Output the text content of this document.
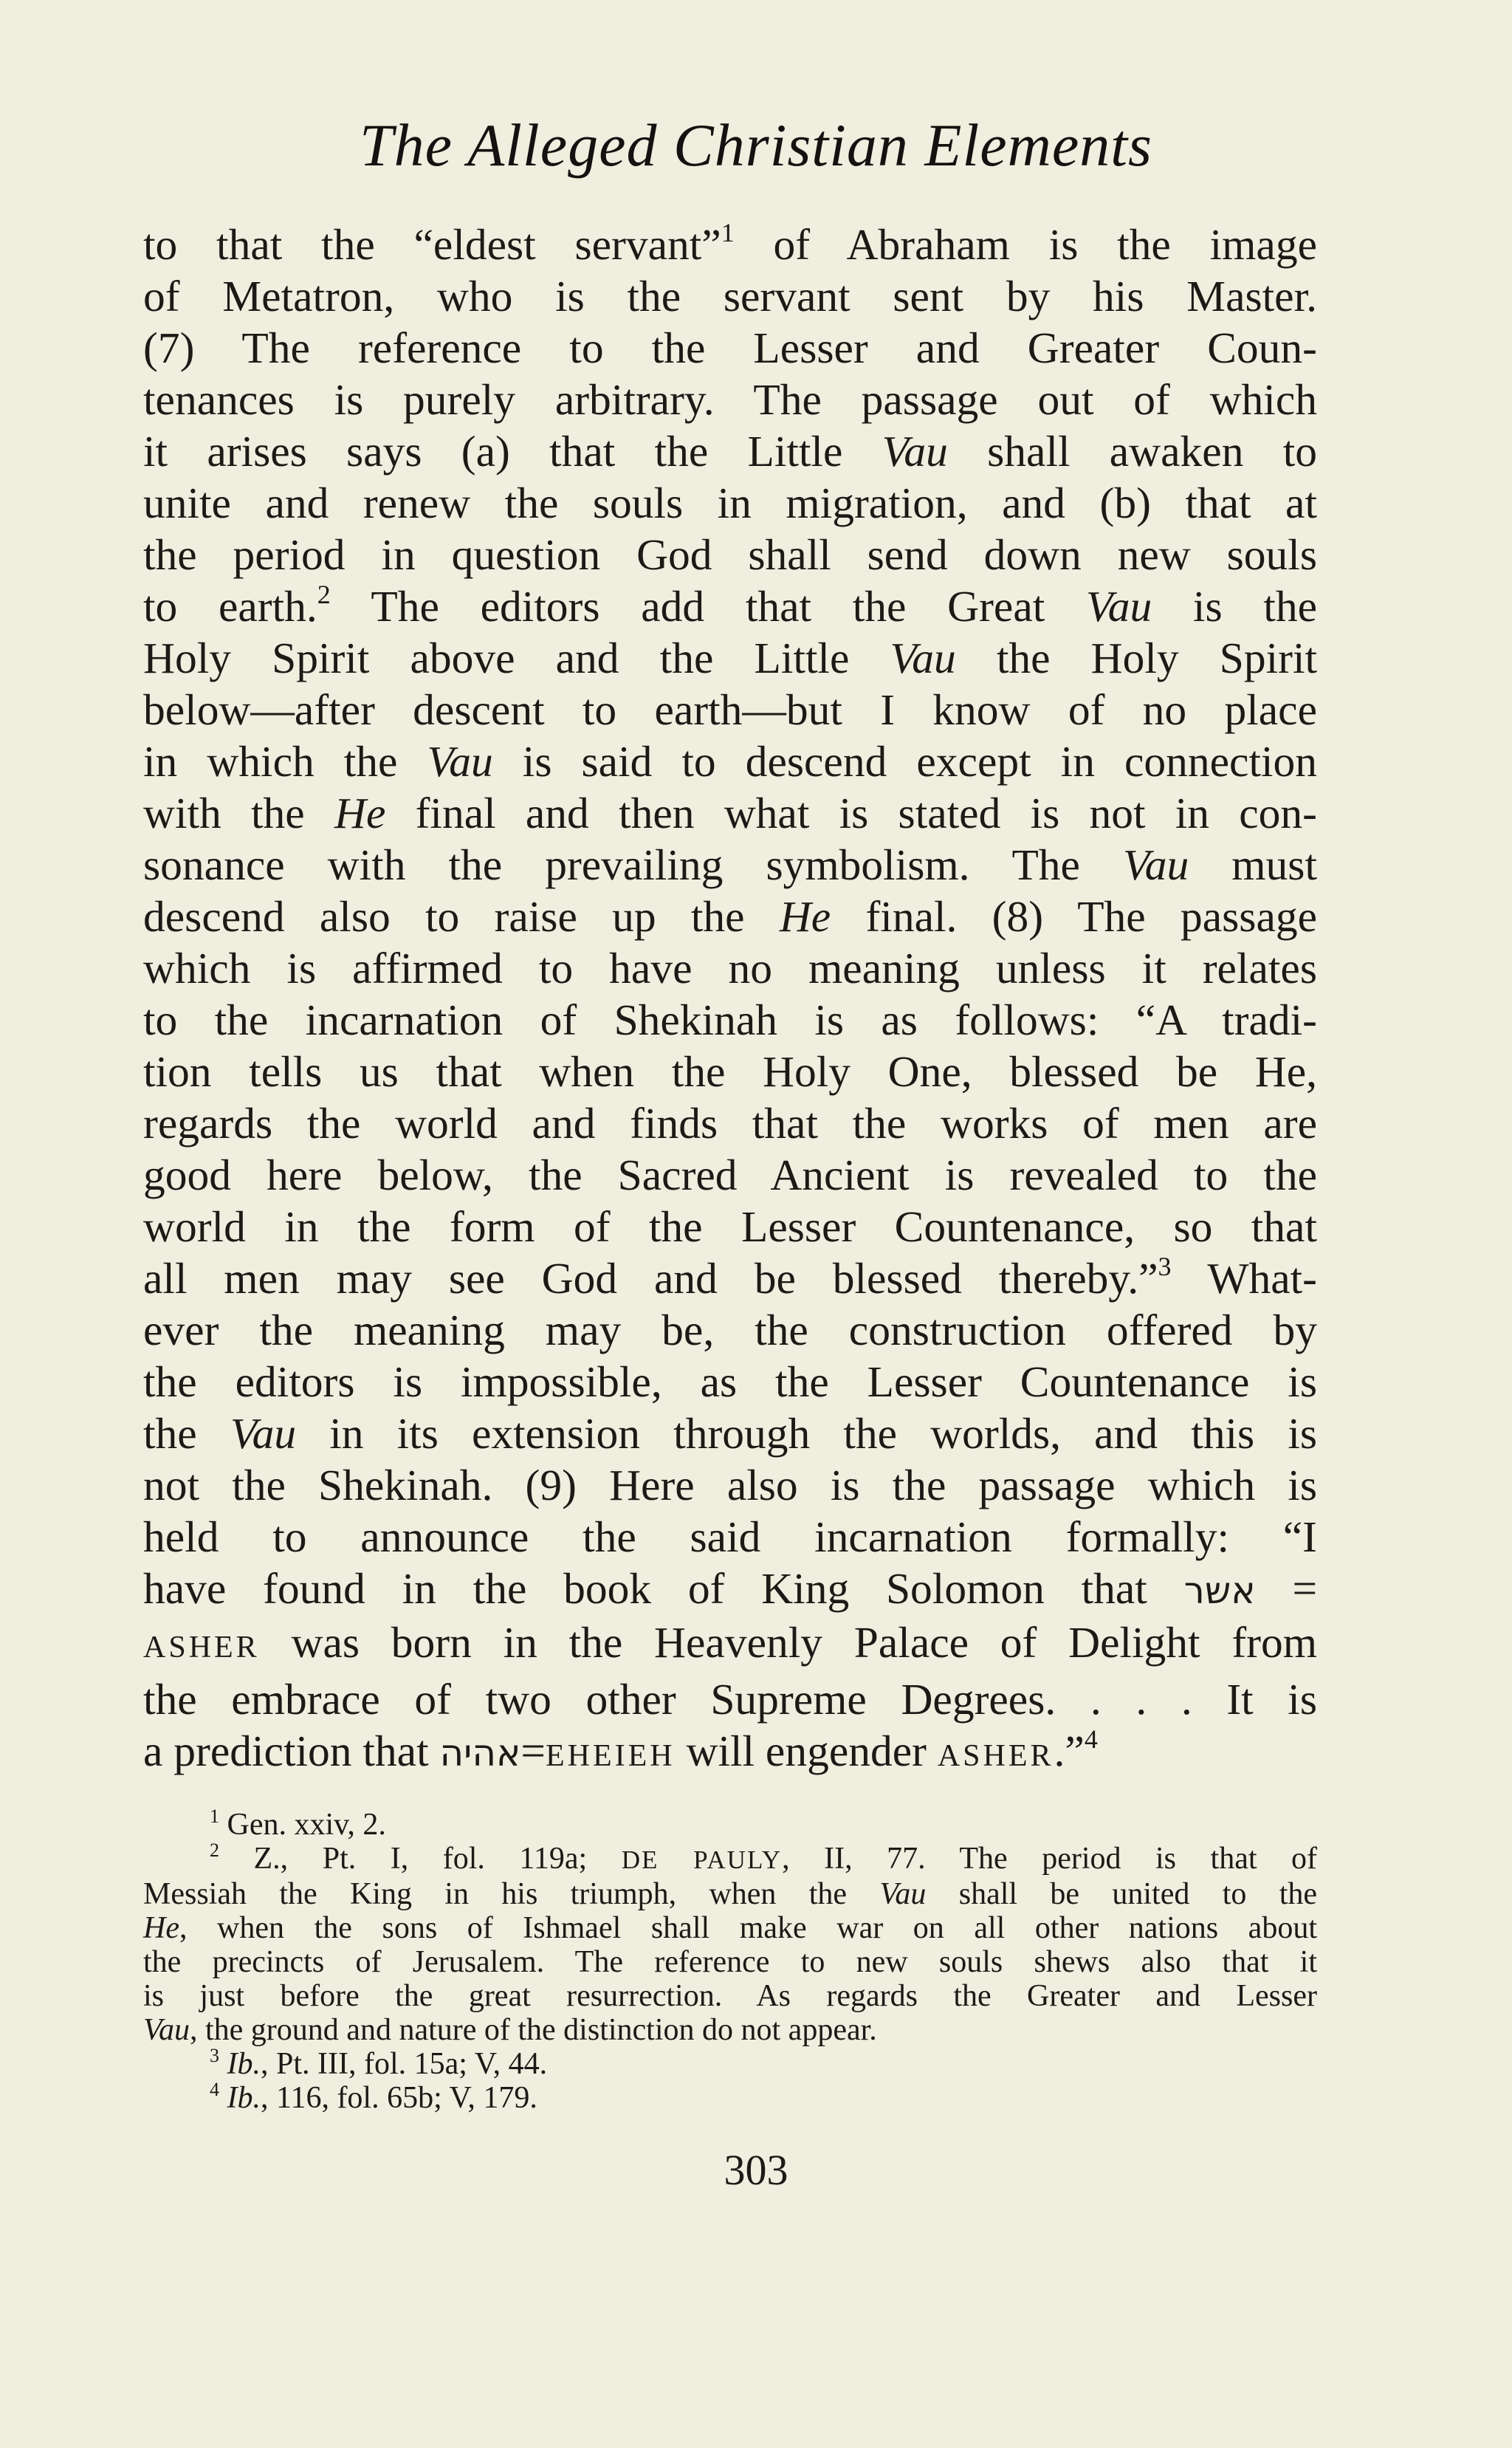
The Alleged Christian Elements
to that the “eldest servant”$^1$ of Abraham is the image
of Metatron, who is the servant sent by his Master.
(7) The reference to the Lesser and Greater Coun-
tenances is purely arbitrary. The passage out of which
it arises says (a) that the Little Vau shall awaken to
unite and renew the souls in migration, and (b) that at
the period in question God shall send down new souls
to earth.$^2$ The editors add that the Great Vau is the
Holy Spirit above and the Little Vau the Holy Spirit
below—after descent to earth—but I know of no place
in which the Vau is said to descend except in connection
with the He final and then what is stated is not in con-
sonance with the prevailing symbolism. The Vau must
descend also to raise up the He final. (8) The passage
which is affirmed to have no meaning unless it relates
to the incarnation of Shekinah is as follows: “A tradi-
tion tells us that when the Holy One, blessed be He,
regards the world and finds that the works of men are
good here below, the Sacred Ancient is revealed to the
world in the form of the Lesser Countenance, so that
all men may see God and be blessed thereby.”$^3$ What-
ever the meaning may be, the construction offered by
the editors is impossible, as the Lesser Countenance is
the Vau in its extension through the worlds, and this is
not the Shekinah. (9) Here also is the passage which is
held to announce the said incarnation formally: “I
have found in the book of King Solomon that אשר =
ASHER was born in the Heavenly Palace of Delight from
the embrace of two other Supreme Degrees. . . . It is
a prediction that אהיה=EHEIEH will engender ASHER.”$^4$
$^1$ Gen. xxiv, 2.
$^2$ Z., Pt. I, fol. 119a; DE PAULY, II, 77. The period is that of
Messiah the King in his triumph, when the Vau shall be united to the
He, when the sons of Ishmael shall make war on all other nations about
the precincts of Jerusalem. The reference to new souls shews also that it
is just before the great resurrection. As regards the Greater and Lesser
Vau, the ground and nature of the distinction do not appear.
$^3$ Ib., Pt. III, fol. 15a; V, 44.
$^4$ Ib., 116, fol. 65b; V, 179.
303
